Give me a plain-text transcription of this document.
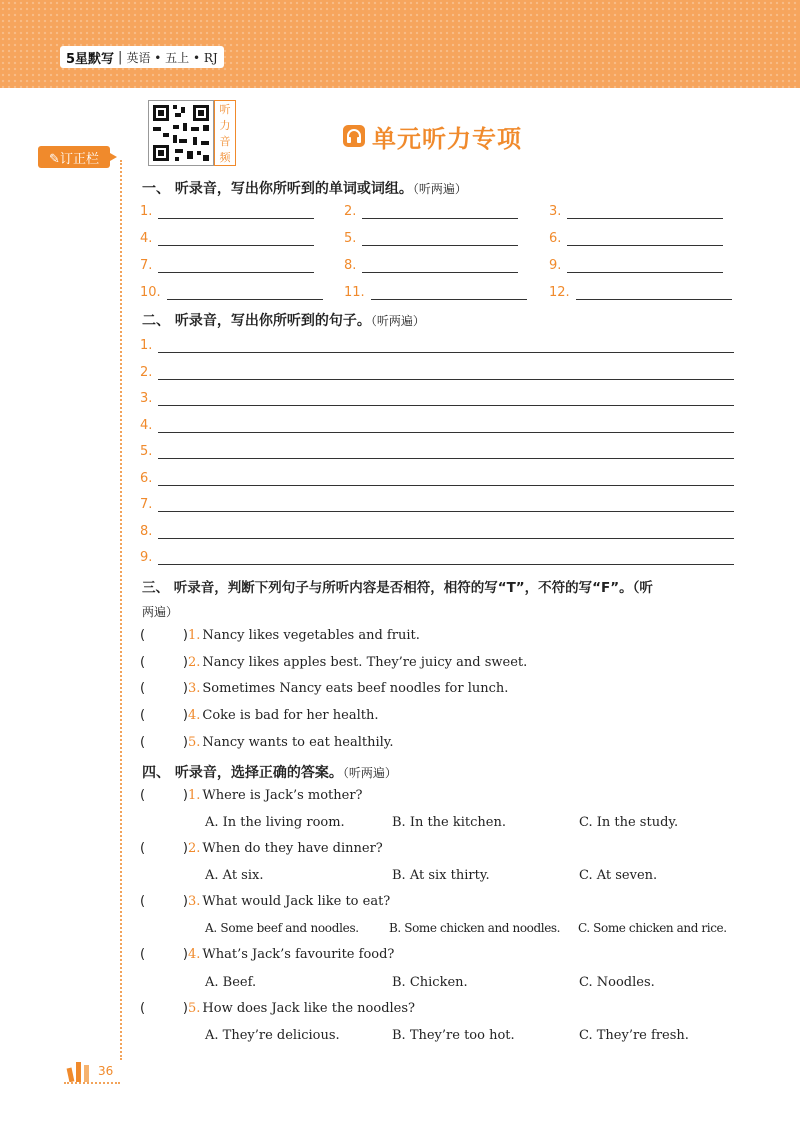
5星默写 | 英语 • 五上 • RJ
✎订正栏
听
力
音
频
单元听力专项
一、 听录音，写出你所听到的单词或词组。（听两遍）
1.	2.	3.
4.	5.	6.
7.	8.	9.
10.	11.	12.
二、 听录音，写出你所听到的句子。（听两遍）
1.
2.
3.
4.
5.
6.
7.
8.
9.
三、 听录音，判断下列句子与所听内容是否相符，相符的写“T”，不符的写“F”。（听
两遍）
(	) 1. Nancy likes vegetables and fruit.
(	) 2. Nancy likes apples best. They’re juicy and sweet.
(	) 3. Sometimes Nancy eats beef noodles for lunch.
(	) 4. Coke is bad for her health.
(	) 5. Nancy wants to eat healthily.
四、 听录音，选择正确的答案。（听两遍）
(	) 1. Where is Jack’s mother?
A. In the living room.	B. In the kitchen.	C. In the study.
(	) 2. When do they have dinner?
A. At six.	B. At six thirty.	C. At seven.
(	) 3. What would Jack like to eat?
A. Some beef and noodles.	B. Some chicken and noodles. C. Some chicken and rice.
(	) 4. What’s Jack’s favourite food?
A. Beef.	B. Chicken.	C. Noodles.
(	) 5. How does Jack like the noodles?
A. They’re delicious.	B. They’re too hot.	C. They’re fresh.
36
